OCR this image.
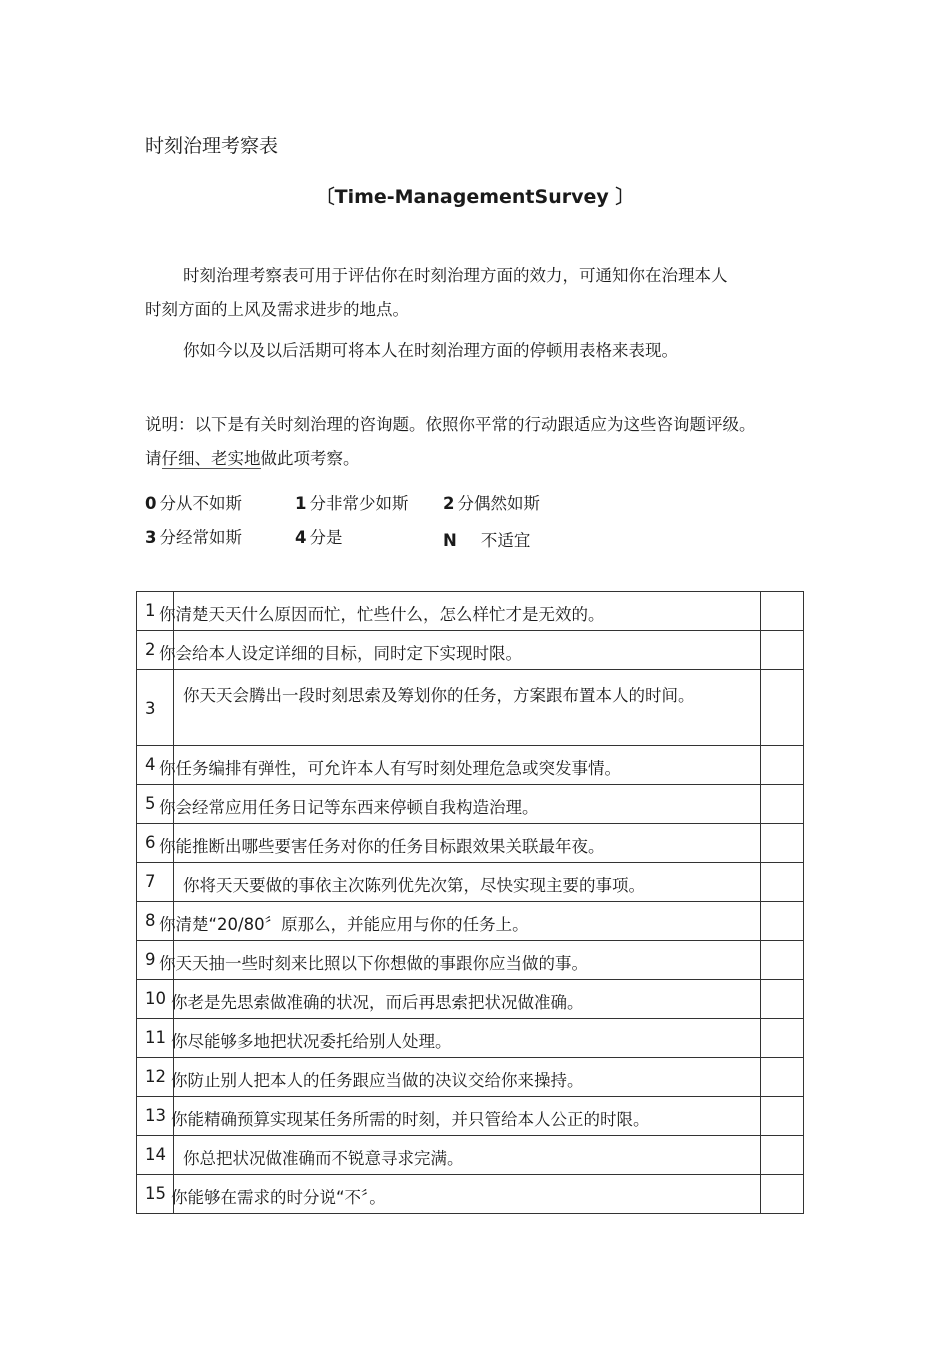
时刻治理考察表
〔Time-ManagementSurvey 〕
时刻治理考察表可用于评估你在时刻治理方面的效力，可通知你在治理本人
时刻方面的上风及需求进步的地点。
你如今以及以后活期可将本人在时刻治理方面的停顿用表格来表现。
说明：以下是有关时刻治理的咨询题。依照你平常的行动跟适应为这些咨询题评级。
请仔细、老实地做此项考察。
0 分从不如斯	1 分非常少如斯 2 分偶然如斯
3 分经常如斯	4 分是	N 不适宜
1 你清楚天天什么原因而忙，忙些什么，怎么样忙才是无效的。
2 你会给本人设定详细的目标，同时定下实现时限。
3
你天天会腾出一段时刻思索及筹划你的任务，方案跟布置本人的时间。
4 你任务编排有弹性，可允许本人有写时刻处理危急或突发事情。
5 你会经常应用任务日记等东西来停顿自我构造治理。
6 你能推断出哪些要害任务对你的任务目标跟效果关联最年夜。
7 你将天天要做的事依主次陈列优先次第，尽快实现主要的事项。
8 你清楚“20/80〞原那么，并能应用与你的任务上。
9 你天天抽一些时刻来比照以下你想做的事跟你应当做的事。
10 你老是先思索做准确的状况，而后再思索把状况做准确。
11 你尽能够多地把状况委托给别人处理。
12 你防止别人把本人的任务跟应当做的决议交给你来操持。
13 你能精确预算实现某任务所需的时刻，并只管给本人公正的时限。
14 你总把状况做准确而不锐意寻求完满。
15 你能够在需求的时分说“不〞。
